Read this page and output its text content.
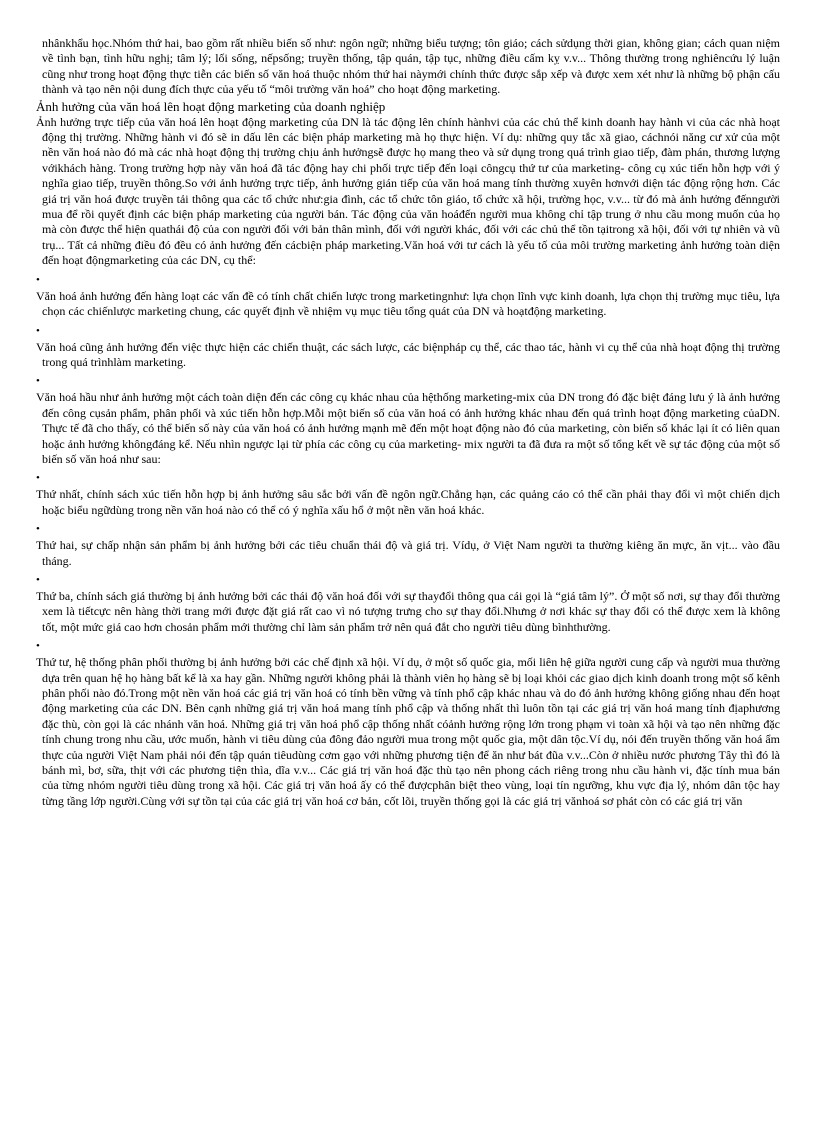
nhânkhẩu học.Nhóm thứ hai, bao gồm rất nhiều biến số như: ngôn ngữ; những biểu tượng; tôn giáo; cách sửdụng thời gian, không gian; cách quan niệm về tình bạn, tình hữu nghị; tâm lý; lối sống, nếpsống; truyền thống, tập quán, tập tục, những điều cấm kỵ v.v... Thông thường trong nghiêncứu lý luận cũng như trong hoạt động thực tiễn các biến số văn hoá thuộc nhóm thứ hai nàymới chính thức được sắp xếp và được xem xét như là những bộ phận cấu thành và tạo nên nội dung đích thực của yếu tố “môi trường văn hoá” cho hoạt động marketing.

Ảnh hưởng của văn hoá lên hoạt động marketing của doanh nghiệp

Ảnh hưởng trực tiếp của văn hoá lên hoạt động marketing của DN là tác động lên chính hànhvi của các chủ thể kinh doanh hay hành vi của các nhà hoạt động thị trường. Những hành vi đó sẽ in dấu lên các biện pháp marketing mà họ thực hiện. Ví dụ: những quy tắc xã giao, cáchnói năng cư xử của một nền văn hoá nào đó mà các nhà hoạt động thị trường chịu ảnh hưởngsẽ được họ mang theo và sử dụng trong quá trình giao tiếp, đàm phán, thương lượng vớikhách hàng. Trong trường hợp này văn hoá đã tác động hay chi phối trực tiếp đến loại côngcụ thứ tư của marketing- công cụ xúc tiến hỗn hợp với ý nghĩa giao tiếp, truyền thông.So với ảnh hưởng trực tiếp, ảnh hưởng gián tiếp của văn hoá mang tính thường xuyên hơnvới diện tác động rộng hơn. Các giá trị văn hoá được truyền tải thông qua các tổ chức như:gia đình, các tổ chức tôn giáo, tổ chức xã hội, trường học, v.v... từ đó mà ảnh hưởng đếnngười mua để rồi quyết định các biện pháp marketing của người bán. Tác động của văn hoáđến người mua không chỉ tập trung ở nhu cầu mong muốn của họ mà còn được thể hiện quathái độ của con người đối với bản thân mình, đối với người khác, đối với các chủ thể tồn tạitrong xã hội, đối với tự nhiên và vũ trụ... Tất cả những điều đó đều có ảnh hưởng đến cácbiện pháp marketing.Văn hoá với tư cách là yếu tố của môi trường marketing ảnh hưởng toàn diện đến hoạt độngmarketing của các DN, cụ thể:

•

Văn hoá ảnh hưởng đến hàng loạt các vấn đề có tính chất chiến lược trong marketingnhư: lựa chọn lĩnh vực kinh doanh, lựa chọn thị trường mục tiêu, lựa chọn các chiếnlược marketing chung, các quyết định về nhiệm vụ mục tiêu tổng quát của DN và hoạtđộng marketing.

•

Văn hoá cũng ảnh hưởng đến việc thực hiện các chiến thuật, các sách lược, các biệnpháp cụ thể, các thao tác, hành vi cụ thể của nhà hoạt động thị trường trong quá trìnhlàm marketing.

•

Văn hoá hầu như ảnh hưởng một cách toàn diện đến các công cụ khác nhau của hệthống marketing-mix của DN trong đó đặc biệt đáng lưu ý là ảnh hưởng đến công cụsản phẩm, phân phối và xúc tiến hỗn hợp.Mỗi một biến số của văn hoá có ảnh hưởng khác nhau đến quá trình hoạt động marketing củaDN. Thực tế đã cho thấy, có thể biến số này của văn hoá có ảnh hưởng mạnh mẽ đến một hoạt động nào đó của marketing, còn biến số khác lại ít có liên quan hoặc ảnh hưởng khôngđáng kể. Nếu nhìn ngược lại từ phía các công cụ của marketing- mix người ta đã đưa ra một số tổng kết về sự tác động của một số biến số văn hoá như sau:

•

Thứ nhất, chính sách xúc tiến hỗn hợp bị ảnh hưởng sâu sắc bởi vấn đề ngôn ngữ.Chẳng hạn, các quảng cáo có thể cần phải thay đổi vì một chiến dịch hoặc biểu ngữdùng trong nền văn hoá nào có thể có ý nghĩa xấu hổ ở một nền văn hoá khác.

•

Thứ hai, sự chấp nhận sản phẩm bị ảnh hưởng bởi các tiêu chuẩn thái độ và giá trị. Vídụ, ở Việt Nam người ta thường kiêng ăn mực, ăn vịt... vào đầu tháng.

•

Thứ ba, chính sách giá thường bị ảnh hưởng bởi các thái độ văn hoá đối với sự thayđổi thông qua cái gọi là “giá tâm lý”. Ở một số nơi, sự thay đổi thường xem là tiếtcực nên hàng thời trang mới được đặt giá rất cao vì nó tượng trưng cho sự thay đổi.Nhưng ở nơi khác sự thay đổi có thể được xem là không tốt, một mức giá cao hơn chosản phẩm mới thường chỉ làm sản phẩm trở nên quá đắt cho người tiêu dùng bìnhthường.

•

Thứ tư, hệ thống phân phối thường bị ảnh hưởng bởi các chế định xã hội. Ví dụ, ở một số quốc gia, mối liên hệ giữa người cung cấp và người mua thường dựa trên quan hệ họ hàng bất kể là xa hay gần. Những người không phải là thành viên họ hàng sẽ bị loại khỏi các giao dịch kinh doanh trong một số kênh phân phối nào đó.Trong một nền văn hoá các giá trị văn hoá có tính bền vững và tính phổ cập khác nhau và do đó ảnh hưởng không giống nhau đến hoạt động marketing của các DN. Bên cạnh những giá trị văn hoá mang tính phổ cập và thống nhất thì luôn tồn tại các giá trị văn hoá mang tính địaphương đặc thù, còn gọi là các nhánh văn hoá. Những giá trị văn hoá phổ cập thống nhất cóảnh hưởng rộng lớn trong phạm vi toàn xã hội và tạo nên những đặc tính chung trong nhu cầu, ước muốn, hành vi tiêu dùng của đông đảo người mua trong một quốc gia, một dân tộc.Ví dụ, nói đến truyền thống văn hoá ẩm thực của người Việt Nam phải nói đến tập quán tiêudùng cơm gạo với những phương tiện để ăn như bát đũa v.v...Còn ở nhiều nước phương Tây thì đó là bánh mì, bơ, sữa, thịt với các phương tiện thìa, dĩa v.v... Các giá trị văn hoá đặc thù tạo nên phong cách riêng trong nhu cầu hành vi, đặc tính mua bán của từng nhóm người tiêu dùng trong xã hội. Các giá trị văn hoá ấy có thể đượcphân biệt theo vùng, loại tín ngưỡng, khu vực địa lý, nhóm dân tộc hay từng tầng lớp người.Cùng với sự tồn tại của các giá trị văn hoá cơ bản, cốt lõi, truyền thống gọi là các giá trị vănhoá sơ phát còn có các giá trị văn
